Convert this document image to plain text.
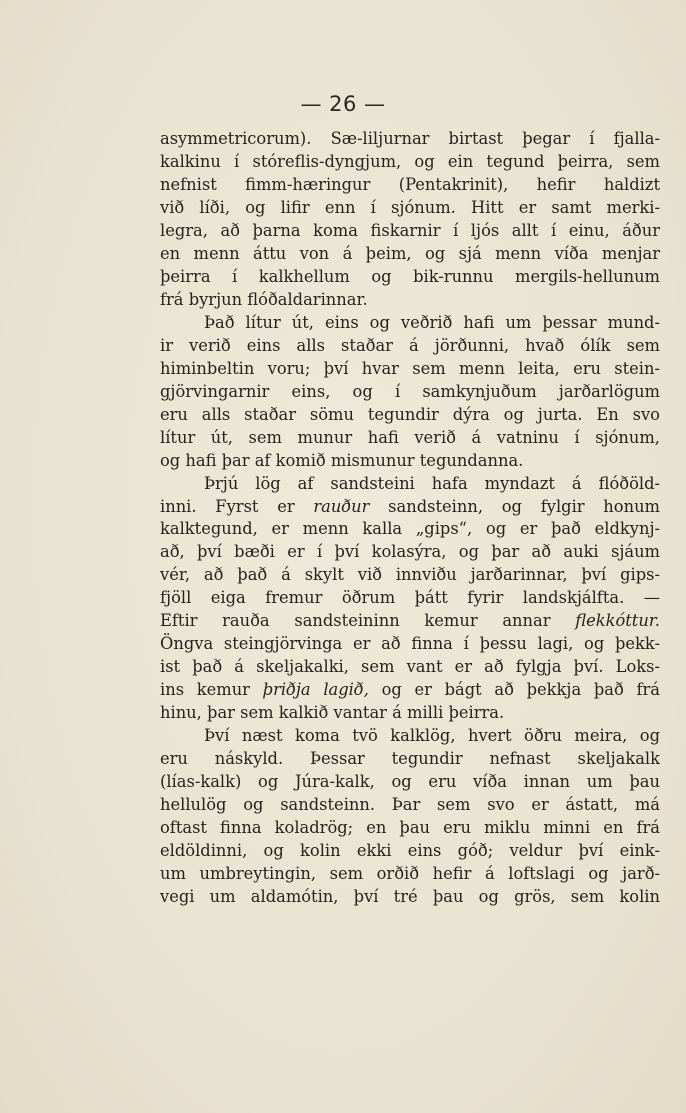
— 26 —
asymmetricorum). Sæ-liljurnar birtast þegar í fjalla-
kalkinu í stóreflis-dyngjum, og ein tegund þeirra, sem
nefnist fimm-hæringur (Pentakrinit), hefir haldizt
við líði, og lifir enn í sjónum. Hitt er samt merki-
legra, að þarna koma fiskarnir í ljós allt í einu, áður
en menn áttu von á þeim, og sjá menn víða menjar
þeirra í kalkhellum og bik-runnu mergils-hellunum
frá byrjun flóðaldarinnar.
Það lítur út, eins og veðrið hafi um þessar mund-
ir verið eins alls staðar á jörðunni, hvað ólík sem
himinbeltin voru; því hvar sem menn leita, eru stein-
gjörvingarnir eins, og í samkynjuðum jarðarlögum
eru alls staðar sömu tegundir dýra og jurta. En svo
lítur út, sem munur hafi verið á vatninu í sjónum,
og hafi þar af komið mismunur tegundanna.
Þrjú lög af sandsteini hafa myndazt á flóðöld-
inni. Fyrst er rauður sandsteinn, og fylgir honum
kalktegund, er menn kalla „gips“, og er það eldkynj-
að, því bæði er í því kolasýra, og þar að auki sjáum
vér, að það á skylt við innviðu jarðarinnar, því gips-
fjöll eiga fremur öðrum þátt fyrir landskjálfta. —
Eftir rauða sandsteininn kemur annar flekkóttur.
Öngva steingjörvinga er að finna í þessu lagi, og þekk-
ist það á skeljakalki, sem vant er að fylgja því. Loks-
ins kemur þriðja lagið, og er bágt að þekkja það frá
hinu, þar sem kalkið vantar á milli þeirra.
Því næst koma tvö kalklög, hvert öðru meira, og
eru náskyld. Þessar tegundir nefnast skeljakalk
(lías-kalk) og Júra-kalk, og eru víða innan um þau
hellulög og sandsteinn. Þar sem svo er ástatt, má
oftast finna koladrög; en þau eru miklu minni en frá
eldöldinni, og kolin ekki eins góð; veldur því eink-
um umbreytingin, sem orðið hefir á loftslagi og jarð-
vegi um aldamótin, því tré þau og grös, sem kolin
